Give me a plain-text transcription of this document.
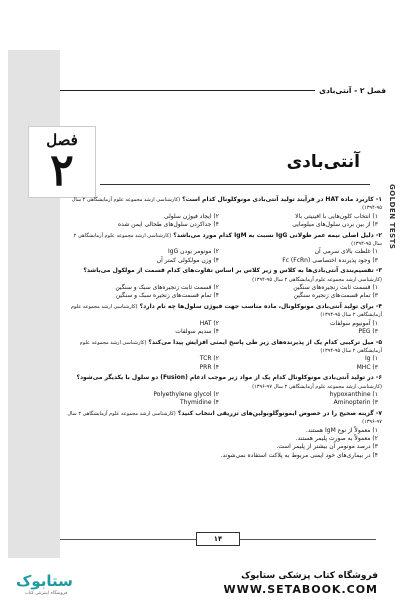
فصل ۲ - آنتی‌بادی
فصل
۲	آنتی‌بادی
GOLDEN TESTS
۱- کاربرد ماده HAT در فرآیند تولید آنتی‌بادی مونوکلونال کدام است؟ (کارشناسی ارشد مجموعه علوم آزمایشگاهی ۲ سال ۹۵-۱۳۹۴)
۱) انتخاب کلون‌هایی با افینیتی بالا
۲) ایجاد فیوژن سلولی
۳) از بین بردن سلول‌های میلومایی
۴) جداکردن سلول‌های طحالی ایمن شده
۲- دلیل اصلی نیمه عمر طولانی IgG نسبت به IgM کدام مورد می‌باشد؟ (کارشناسی ارشد مجموعه علوم آزمایشگاهی ۲ سال ۹۵-۱۳۹۴)
۱) غلظت بالای سرمی آن
۲) مونومر بودن IgG
۳) وجود پذیرنده اختصاصی (FcRn) Fc
۴) وزن مولکولی کمتر آن
۳- تقسیم‌بندی آنتی‌بادی‌ها به کلاس و زیر کلاس بر اساس تفاوت‌های کدام قسمت از مولکول می‌باشد؟ (کارشناسی ارشد مجموعه علوم آزمایشگاهی ۲ سال ۹۵-۱۳۹۴)
۱) قسمت ثابت زنجیره‌های سنگین
۲) قسمت ثابت زنجیره‌های سبک و سنگین
۳) تمام قسمت‌های زنجیره سنگین
۴) تمام قسمت‌های زنجیره سبک و سنگین
۴- برای تولید آنتی‌بادی مونوکلونال، ماده مناسب جهت فیوژن سلول‌ها چه نام دارد؟ (کارشناسی ارشد مجموعه علوم آزمایشگاهی ۲ سال ۹۵-۱۳۹۴)
۱) آمونیوم سولفات
۲) HAT
۳) PEG
۴) سدیم سولفات
۵- میل ترکیبی کدام یک از پذیرنده‌های زیر طی پاسخ ایمنی افزایش پیدا می‌کند؟ (کارشناسی ارشد مجموعه علوم آزمایشگاهی ۲ سال ۹۵-۱۳۹۴)
۱) Ig
۲) TCR
۳) MHC
۴) PRR
۶- در تولید آنتی‌بادی مونوکلونال کدام یک از مواد زیر موجب ادغام (Fusion) دو سلول با یکدیگر می‌شود؟ (کارشناسی ارشد مجموعه علوم آزمایشگاهی ۲ سال ۹۷-۱۳۹۶)
۱) hypoxanthine
۲) Polyethylene glycol
۳) Aminopterin
۴) Thymidine
۷- گزینه صحیح را در خصوص ایمونوگلوبولین‌های تزریقی انتخاب کنید؟ (کارشناسی ارشد مجموعه علوم آزمایشگاهی ۲ سال ۹۷-۱۳۹۶)
۱) معمولاً از نوع IgM هستند.
۲) معمولاً به صورت پلیمر هستند.
۳) درصد مونومر آن بیشتر از پلیمر است.
۴) در بیماری‌های خود ایمنی مربوط به پلاکت استفاده نمی‌شوند.
۱۴
ستابوک
فروشگاه اینترنتی کتاب
فروشگاه کتاب پزشکی ستابوک
WWW.SETABOOK.COM
